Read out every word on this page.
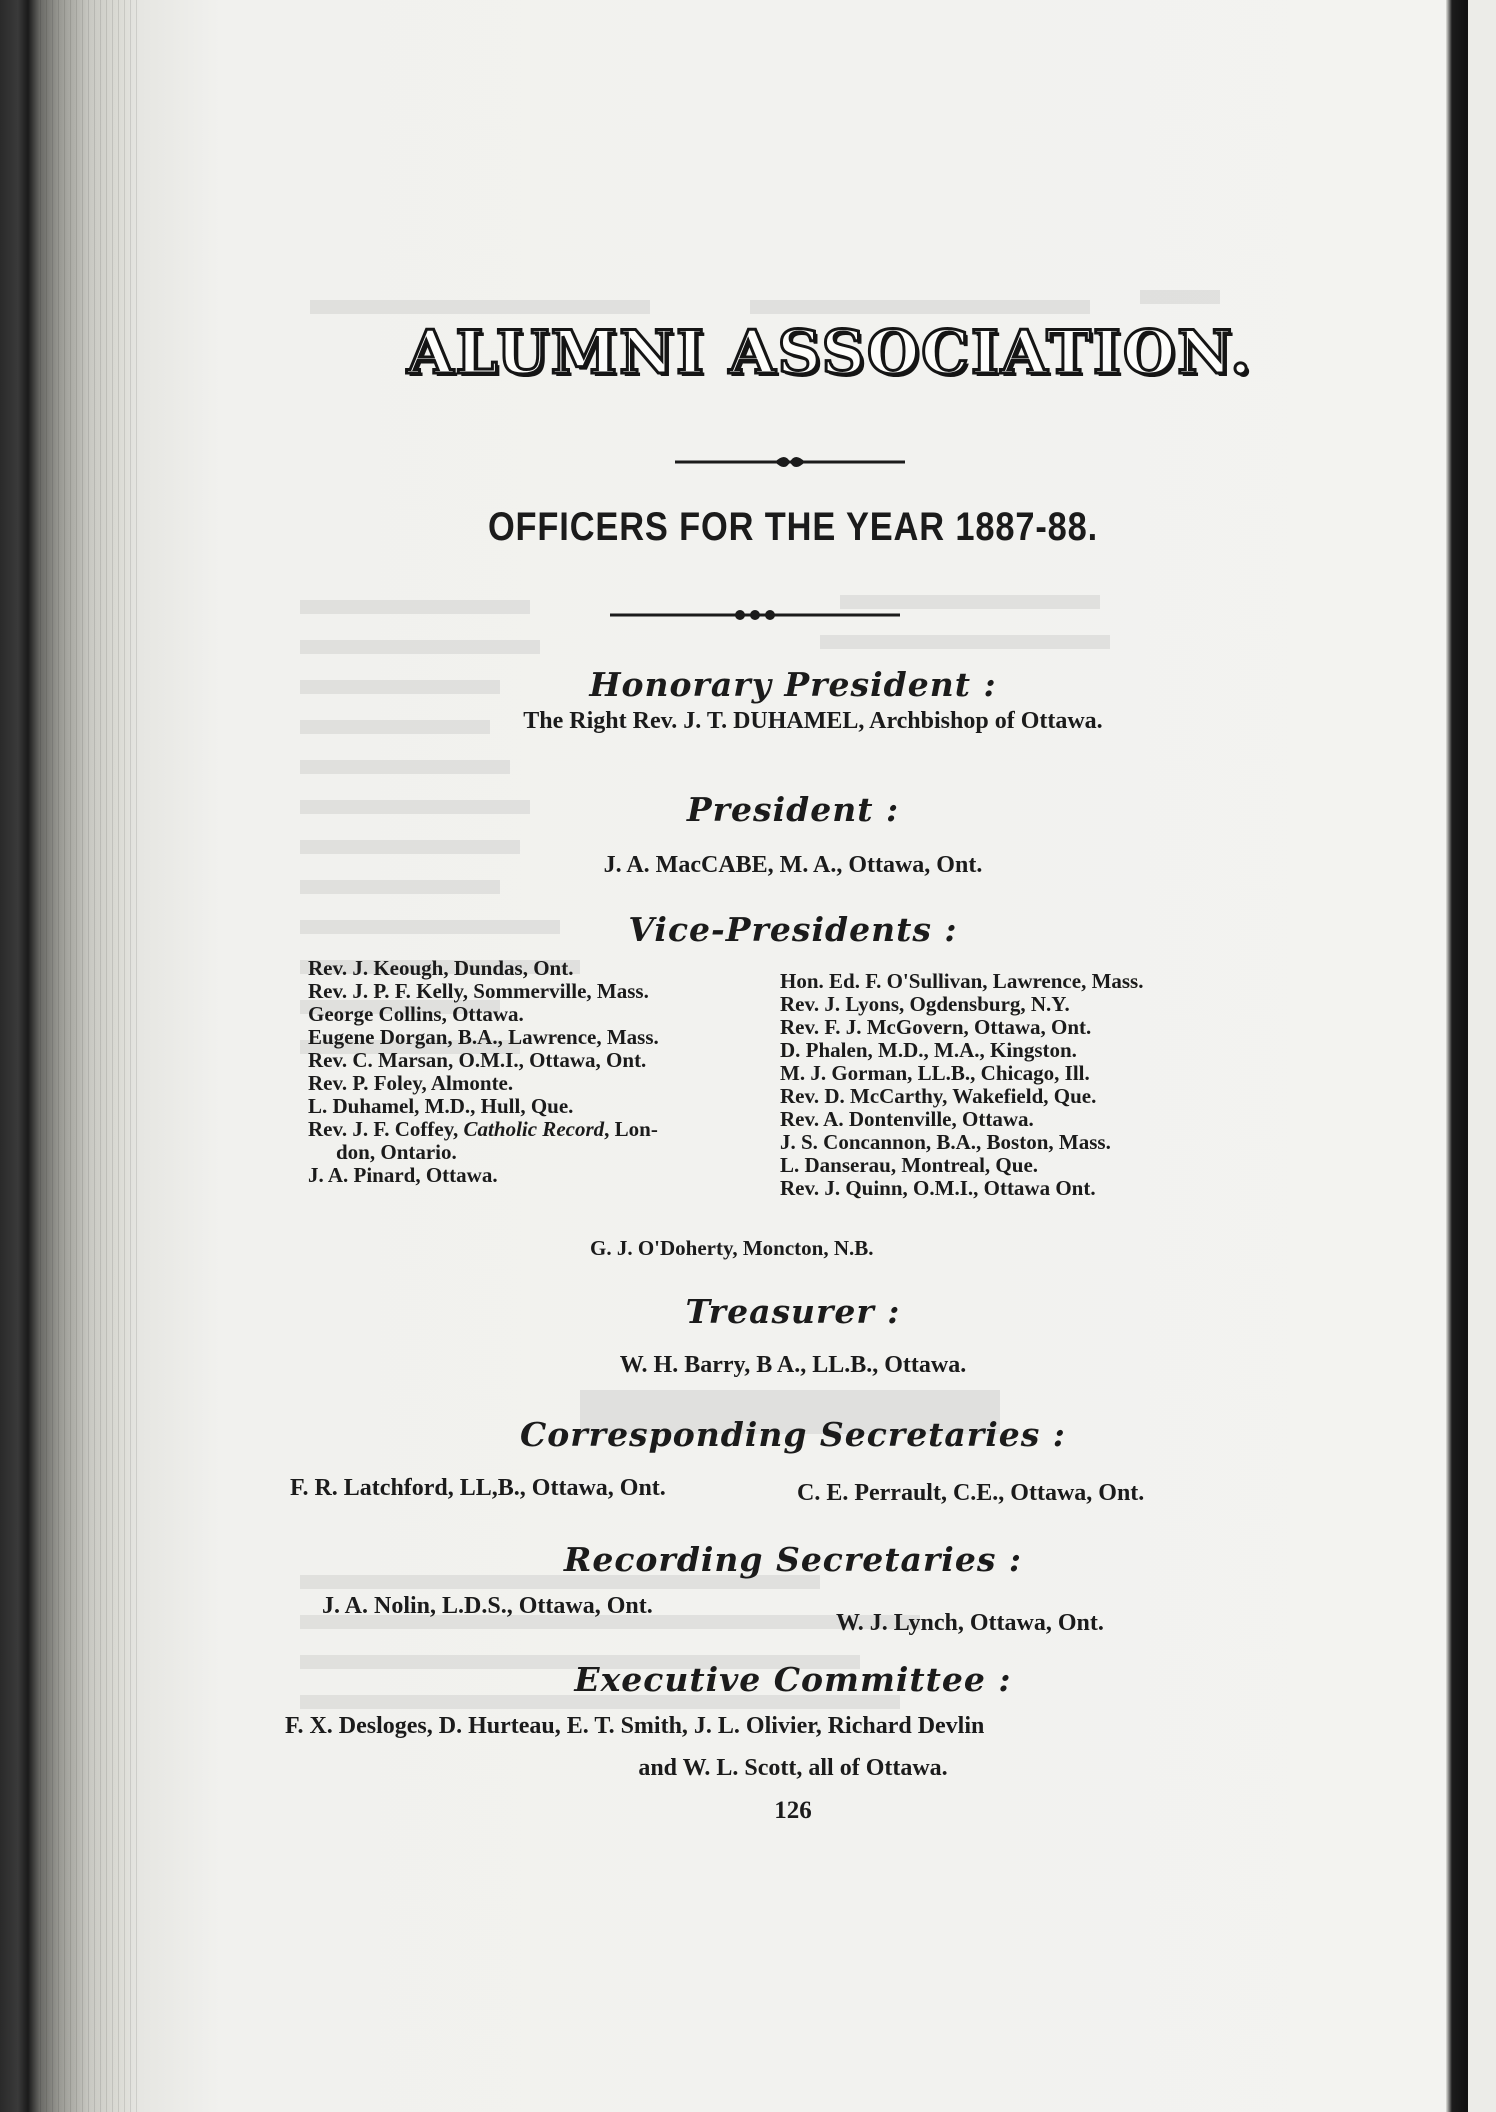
ALUMNI ASSOCIATION.
OFFICERS FOR THE YEAR 1887-88.
Honorary President :
The Right Rev. J. T. DUHAMEL, Archbishop of Ottawa.
President :
J. A. MacCABE, M. A., Ottawa, Ont.
Vice-Presidents :
Rev. J. Keough, Dundas, Ont.
Rev. J. P. F. Kelly, Sommerville, Mass.
George Collins, Ottawa.
Eugene Dorgan, B.A., Lawrence, Mass.
Rev. C. Marsan, O.M.I., Ottawa, Ont.
Rev. P. Foley, Almonte.
L. Duhamel, M.D., Hull, Que.
Rev. J. F. Coffey, Catholic Record, Lon-
don, Ontario.
J. A. Pinard, Ottawa.
Hon. Ed. F. O'Sullivan, Lawrence, Mass.
Rev. J. Lyons, Ogdensburg, N.Y.
Rev. F. J. McGovern, Ottawa, Ont.
D. Phalen, M.D., M.A., Kingston.
M. J. Gorman, LL.B., Chicago, Ill.
Rev. D. McCarthy, Wakefield, Que.
Rev. A. Dontenville, Ottawa.
J. S. Concannon, B.A., Boston, Mass.
L. Danserau, Montreal, Que.
Rev. J. Quinn, O.M.I., Ottawa Ont.
G. J. O'Doherty, Moncton, N.B.
Treasurer :
W. H. Barry, B A., LL.B., Ottawa.
Corresponding Secretaries :
F. R. Latchford, LL,B., Ottawa, Ont.	C. E. Perrault, C.E., Ottawa, Ont.
Recording Secretaries :
J. A. Nolin, L.D.S., Ottawa, Ont.
W. J. Lynch, Ottawa, Ont.
Executive Committee :
F. X. Desloges, D. Hurteau, E. T. Smith, J. L. Olivier, Richard Devlin
and W. L. Scott, all of Ottawa.
126
